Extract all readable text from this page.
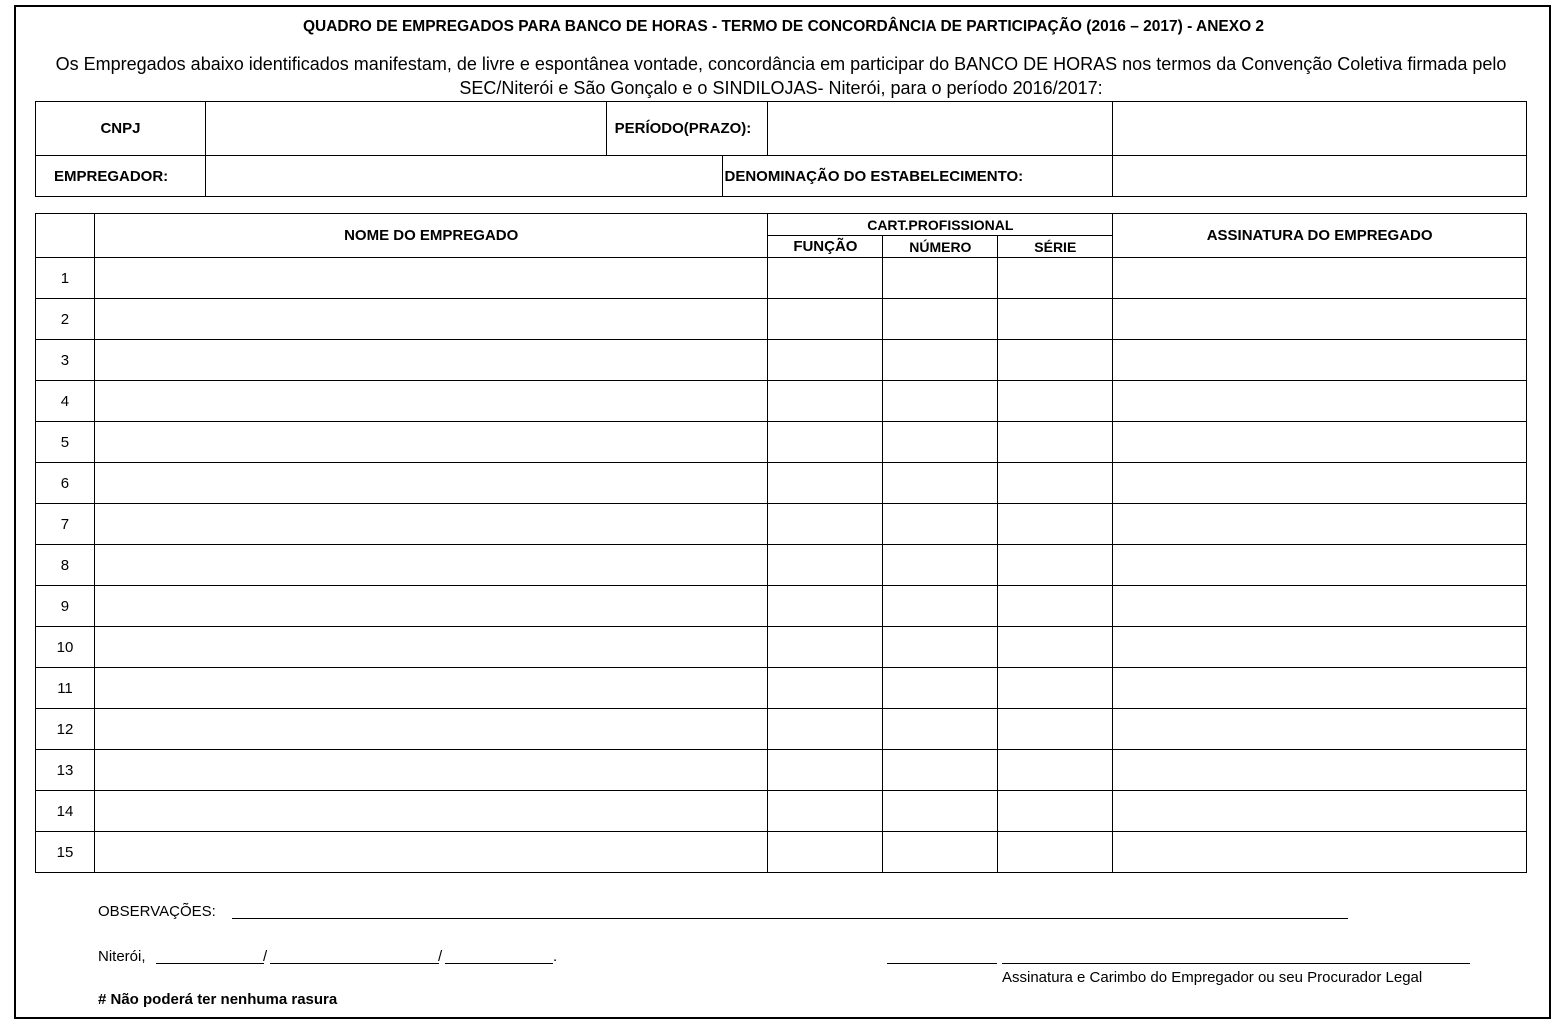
QUADRO DE EMPREGADOS PARA BANCO DE HORAS - TERMO DE CONCORDÂNCIA DE PARTICIPAÇÃO (2016 – 2017) - ANEXO 2
Os Empregados abaixo identificados manifestam, de livre e espontânea vontade, concordância em participar do BANCO DE HORAS nos termos da Convenção Coletiva firmada pelo SEC/Niterói e São Gonçalo e o SINDILOJAS- Niterói, para o período 2016/2017:
CNPJ			PERÍODO(PRAZO):	

EMPREGADOR:		DENOMINAÇÃO DO ESTABELECIMENTO:	
	NOME DO EMPREGADO	CART.PROFISSIONAL			ASSINATURA DO EMPREGADO
		FUNÇÃO	NÚMERO	SÉRIE	
1					
2					
3					
4					
5					
6					
7					
8					
9					
10					
11					
12					
13					
14					
15					
OBSERVAÇÕES:
Niterói,	/	/	.
Assinatura e Carimbo do Empregador ou seu Procurador Legal
# Não poderá ter nenhuma rasura
